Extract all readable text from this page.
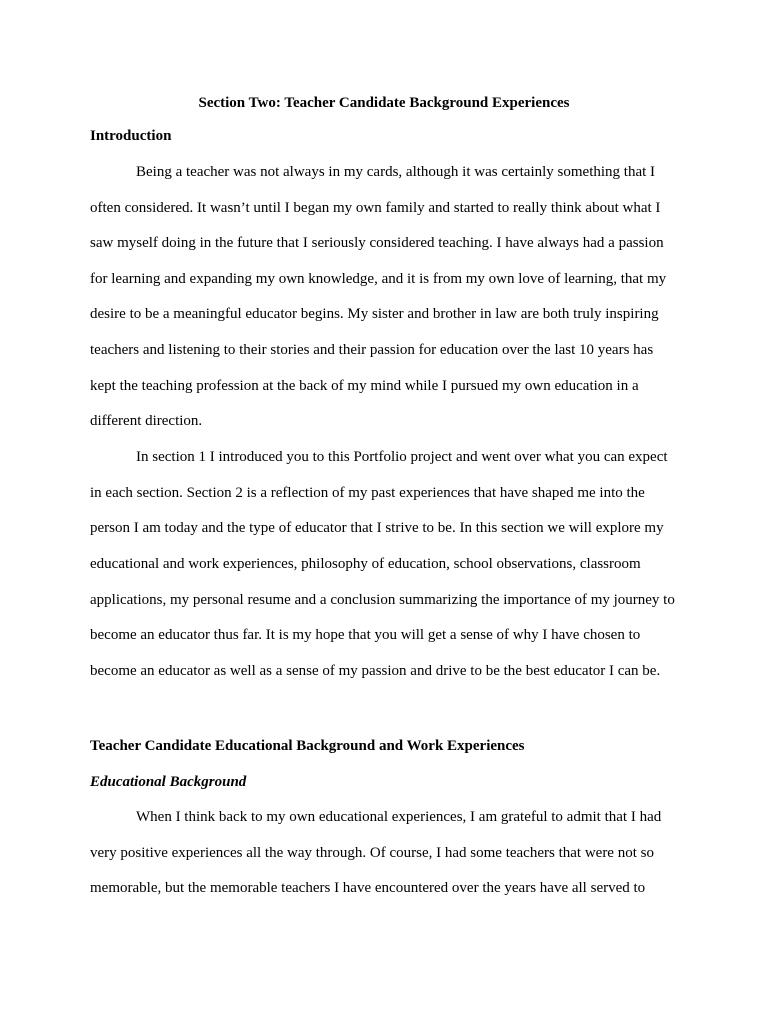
Section Two: Teacher Candidate Background Experiences
Introduction
Being a teacher was not always in my cards, although it was certainly something that I
often considered. It wasn’t until I began my own family and started to really think about what I
saw myself doing in the future that I seriously considered teaching. I have always had a passion
for learning and expanding my own knowledge, and it is from my own love of learning, that my
desire to be a meaningful educator begins. My sister and brother in law are both truly inspiring
teachers and listening to their stories and their passion for education over the last 10 years has
kept the teaching profession at the back of my mind while I pursued my own education in a
different direction.
In section 1 I introduced you to this Portfolio project and went over what you can expect
in each section. Section 2 is a reflection of my past experiences that have shaped me into the
person I am today and the type of educator that I strive to be. In this section we will explore my
educational and work experiences, philosophy of education, school observations, classroom
applications, my personal resume and a conclusion summarizing the importance of my journey to
become an educator thus far. It is my hope that you will get a sense of why I have chosen to
become an educator as well as a sense of my passion and drive to be the best educator I can be.
Teacher Candidate Educational Background and Work Experiences
Educational Background
When I think back to my own educational experiences, I am grateful to admit that I had
very positive experiences all the way through. Of course, I had some teachers that were not so
memorable, but the memorable teachers I have encountered over the years have all served to
